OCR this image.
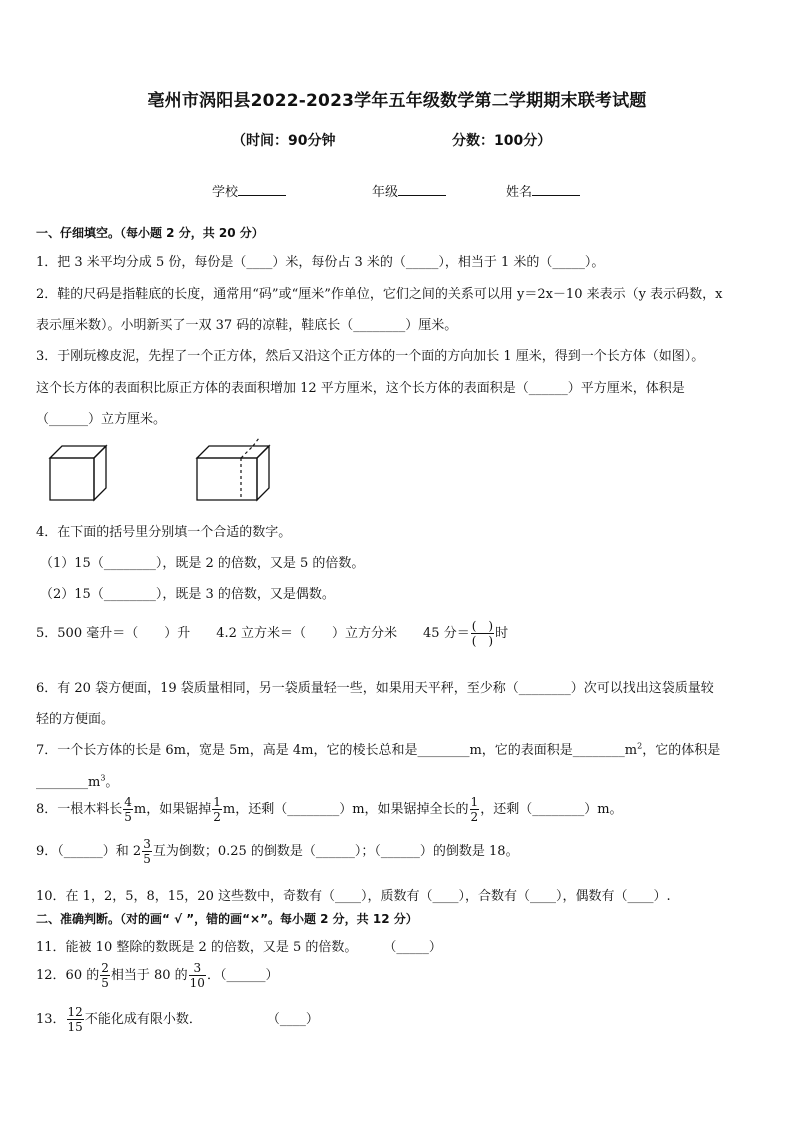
亳州市涡阳县2022-2023学年五年级数学第二学期期末联考试题
（时间：90分钟	分数：100分）
学校	年级	姓名
一、仔细填空。（每小题 2 分，共 20 分）
1．把 3 米平均分成 5 份，每份是（____）米，每份占 3 米的（_____），相当于 1 米的（_____）。
2．鞋的尺码是指鞋底的长度，通常用“码”或“厘米”作单位，它们之间的关系可以用 y＝2x－10 来表示（y 表示码数，x
表示厘米数）。小明新买了一双 37 码的凉鞋，鞋底长（________）厘米。
3．于刚玩橡皮泥，先捏了一个正方体，然后又沿这个正方体的一个面的方向加长 1 厘米，得到一个长方体（如图）。
这个长方体的表面积比原正方体的表面积增加 12 平方厘米，这个长方体的表面积是（______）平方厘米，体积是
（______）立方厘米。
4．在下面的括号里分别填一个合适的数字。
（1）15（________），既是 2 的倍数，又是 5 的倍数。
（2）15（________），既是 3 的倍数，又是偶数。
5．500 毫升＝（　　）升　　4.2 立方米＝（　　）立方分米　　45 分＝ $\frac{( )}{( )}$ 时
6．有 20 袋方便面，19 袋质量相同，另一袋质量轻一些，如果用天平秤，至少称（________）次可以找出这袋质量较
轻的方便面。
7．一个长方体的长是 6m，宽是 5m，高是 4m，它的棱长总和是________m，它的表面积是$\_\_\_\_\_\_\_\_m^2$，它的体积是
$\_\_\_\_\_\_\_\_m^3$。
8．一根木料长 $\frac{4}{5}$ m，如果锯掉 $\frac{1}{2}$ m，还剩（________）m，如果锯掉全长的 $\frac{1}{2}$ ，还剩（________）m。
9．（______）和 $2 \frac{3}{5}$ 互为倒数；0.25 的倒数是（______）；（______）的倒数是 18。
10．在 1，2，5，8，15，20 这些数中，奇数有（____），质数有（____），合数有（____），偶数有（____）.
二、准确判断。（对的画“ √ ”，错的画“×”。每小题 2 分，共 12 分）
11．能被 10 整除的数既是 2 的倍数，又是 5 的倍数。　　　（_____）
12．60 的 $\frac{2}{5}$ 相当于 80 的 $\frac{3}{10}$ ．（______）
13． $\frac{12}{15}$ 不能化成有限小数．　　　　　　（____）
